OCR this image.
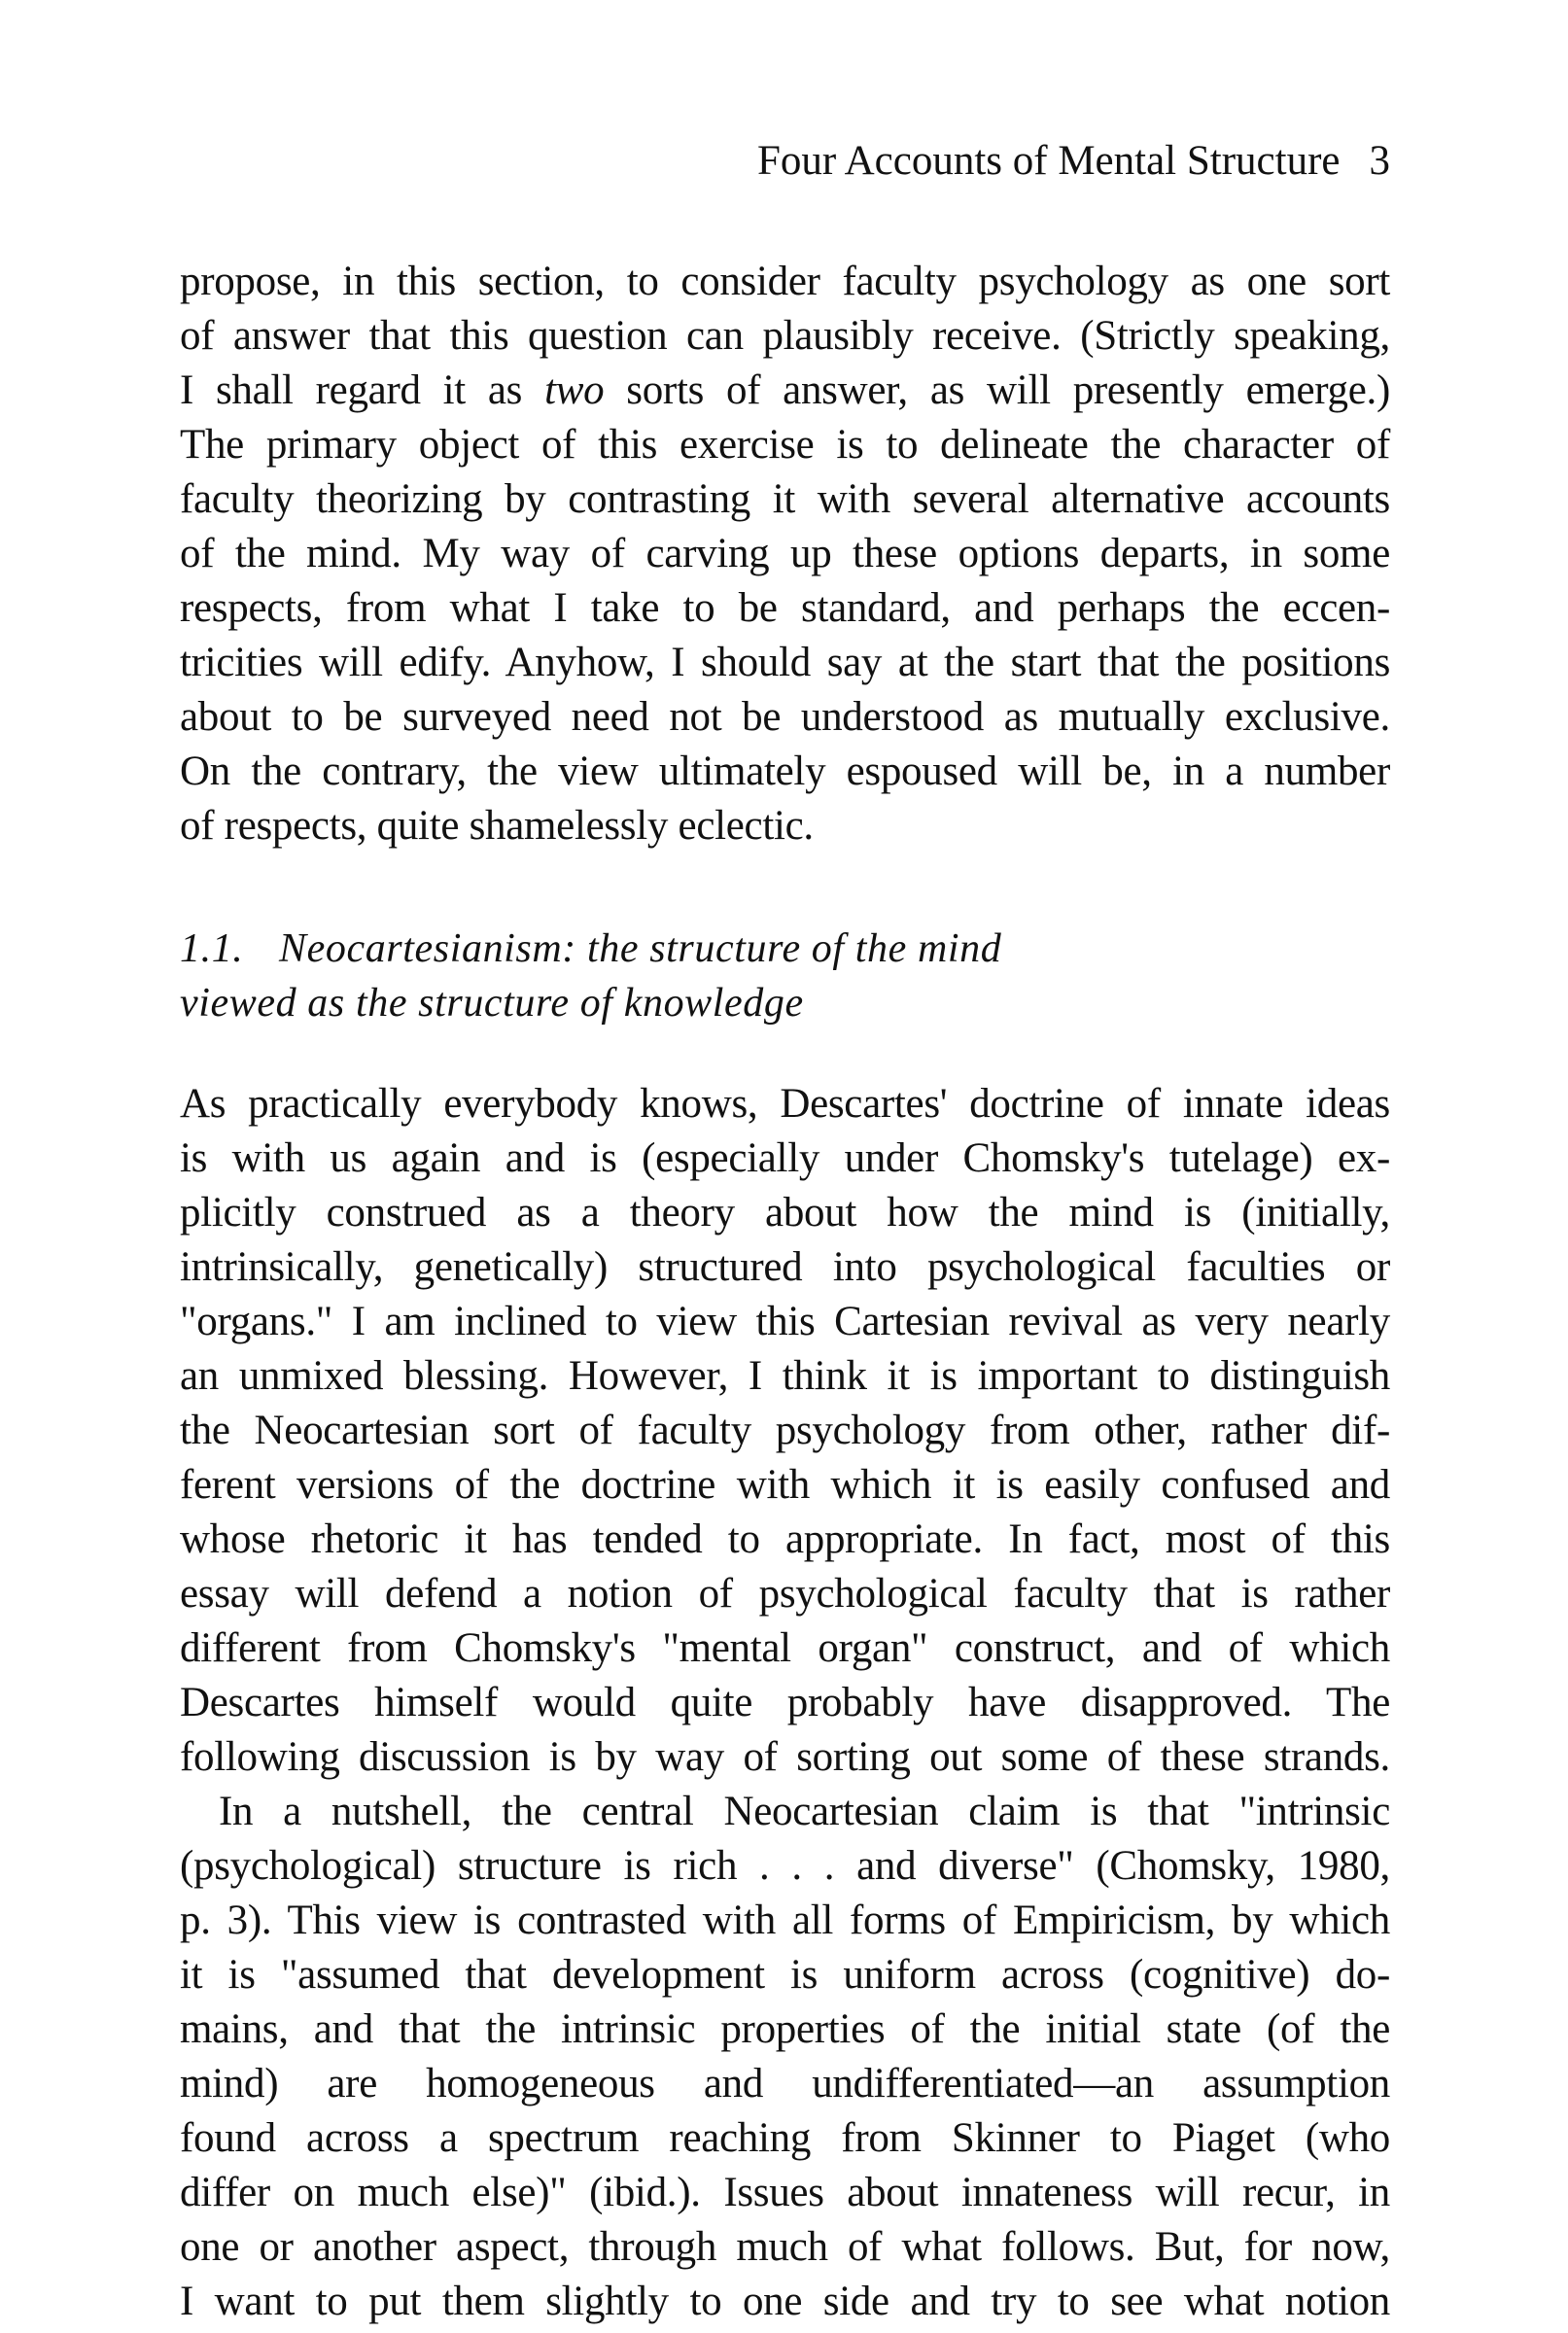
Four Accounts of Mental Structure 3
propose, in this section, to consider faculty psychology as one sort
of answer that this question can plausibly receive. (Strictly speaking,
I shall regard it as two sorts of answer, as will presently emerge.)
The primary object of this exercise is to delineate the character of
faculty theorizing by contrasting it with several alternative accounts
of the mind. My way of carving up these options departs, in some
respects, from what I take to be standard, and perhaps the eccen-
tricities will edify. Anyhow, I should say at the start that the positions
about to be surveyed need not be understood as mutually exclusive.
On the contrary, the view ultimately espoused will be, in a number
of respects, quite shamelessly eclectic.
1.1. Neocartesianism: the structure of the mind
viewed as the structure of knowledge
As practically everybody knows, Descartes' doctrine of innate ideas
is with us again and is (especially under Chomsky's tutelage) ex-
plicitly construed as a theory about how the mind is (initially,
intrinsically, genetically) structured into psychological faculties or
"organs." I am inclined to view this Cartesian revival as very nearly
an unmixed blessing. However, I think it is important to distinguish
the Neocartesian sort of faculty psychology from other, rather dif-
ferent versions of the doctrine with which it is easily confused and
whose rhetoric it has tended to appropriate. In fact, most of this
essay will defend a notion of psychological faculty that is rather
different from Chomsky's "mental organ" construct, and of which
Descartes himself would quite probably have disapproved. The
following discussion is by way of sorting out some of these strands.
In a nutshell, the central Neocartesian claim is that "intrinsic
(psychological) structure is rich . . . and diverse" (Chomsky, 1980,
p. 3). This view is contrasted with all forms of Empiricism, by which
it is "assumed that development is uniform across (cognitive) do-
mains, and that the intrinsic properties of the initial state (of the
mind) are homogeneous and undifferentiated—an assumption
found across a spectrum reaching from Skinner to Piaget (who
differ on much else)" (ibid.). Issues about innateness will recur, in
one or another aspect, through much of what follows. But, for now,
I want to put them slightly to one side and try to see what notion
